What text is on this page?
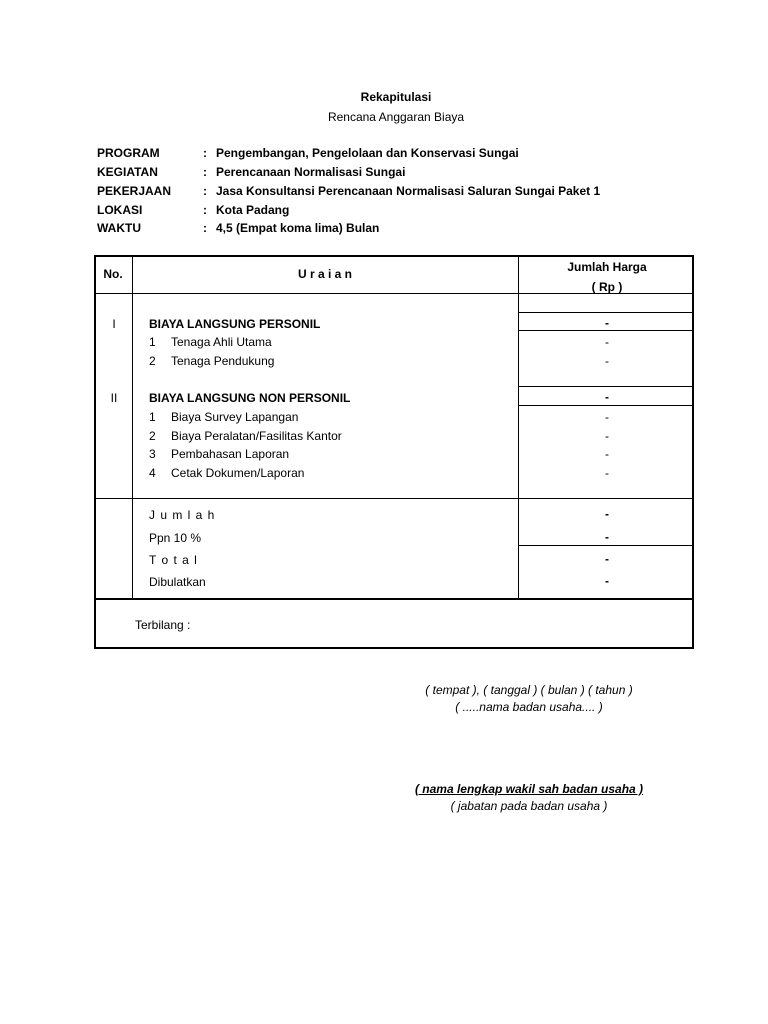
Rekapitulasi
Rencana Anggaran Biaya
PROGRAM	: Pengembangan, Pengelolaan dan Konservasi Sungai
KEGIATAN	: Perencanaan Normalisasi Sungai
PEKERJAAN	: Jasa Konsultansi Perencanaan Normalisasi Saluran Sungai Paket 1
LOKASI	: Kota Padang
WAKTU	: 4,5 (Empat koma lima) Bulan
No.	U r a i a n	Jumlah Harga
( Rp )
I	BIAYA LANGSUNG PERSONIL	-
1 Tenaga Ahli Utama	-
2 Tenaga Pendukung	-
II	BIAYA LANGSUNG NON PERSONIL	-
1 Biaya Survey Lapangan	-
2 Biaya Peralatan/Fasilitas Kantor	-
3 Pembahasan Laporan	-
4 Cetak Dokumen/Laporan	-
J u m l a h	-
Ppn 10 %	-
T o t a l	-
Dibulatkan	-
Terbilang :
( tempat ), ( tanggal ) ( bulan ) ( tahun )
( .....nama badan usaha.... )
( nama lengkap wakil sah badan usaha )
( jabatan pada badan usaha )
